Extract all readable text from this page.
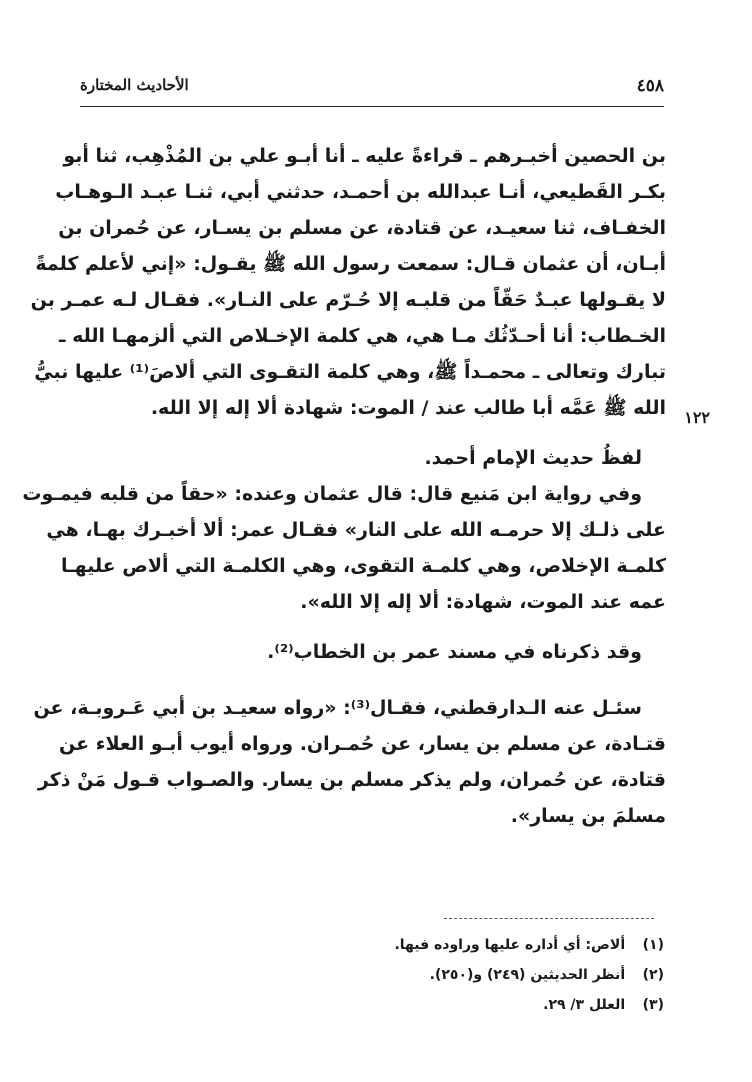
٤٥٨
الأحاديث المختارة
١٢٢
بن الحصين أخبـرهم ـ قراءةً عليه ـ أنا أبـو علي بن المُذْهِب، ثنا أبو
بكـر القَطيعي، أنـا عبدالله بن أحمـد، حدثني أبي، ثنـا عبـد الـوهـاب
الخفـاف، ثنا سعيـد، عن قتادة، عن مسلم بن يسـار، عن حُمران بن
أبـان، أن عثمان قـال: سمعت رسول الله ﷺ يقـول: «إني لأعلم كلمةً
لا يقـولها عبـدٌ حَقّاً من قلبـه إلا حُـرّم على النـار». فقـال لـه عمـر بن
الخـطاب: أنا أحـدّثُك مـا هي، هي كلمة الإخـلاص التي ألزمهـا الله ـ
تبارك وتعالى ـ محمـداً ﷺ، وهي كلمة التقـوى التي ألاصَ⁽¹⁾ عليها نبيُّ
الله ﷺ عَمَّه أبا طالب عند / الموت: شهادة ألا إله إلا الله.
لفظُ حديث الإمام أحمد.
وفي رواية ابن مَنيع قال: قال عثمان وعنده: «حقاً من قلبه فيمـوت
على ذلـك إلا حرمـه الله على النار» فقـال عمر: ألا أخبـرك بهـا، هي
كلمـة الإخلاص، وهي كلمـة التقوى، وهي الكلمـة التي ألاص عليهـا
عمه عند الموت، شهادة: ألا إله إلا الله».
وقد ذكرناه في مسند عمر بن الخطاب⁽²⁾.
سئـل عنه الـدارقطني، فقـال⁽³⁾: «رواه سعيـد بن أبي عَـروبـة، عن
قتـادة، عن مسلم بن يسار، عن حُمـران. ورواه أيوب أبـو العلاء عن
قتادة، عن حُمران، ولم يذكر مسلم بن يسار. والصـواب قـول مَنْ ذكر
مسلمَ بن يسار».
(١) ألاص: أي أداره عليها وراوده فيها.
(٢) أنظر الحديثين (٢٤٩) و(٢٥٠).
(٣) العلل ٣/ ٢٩.
